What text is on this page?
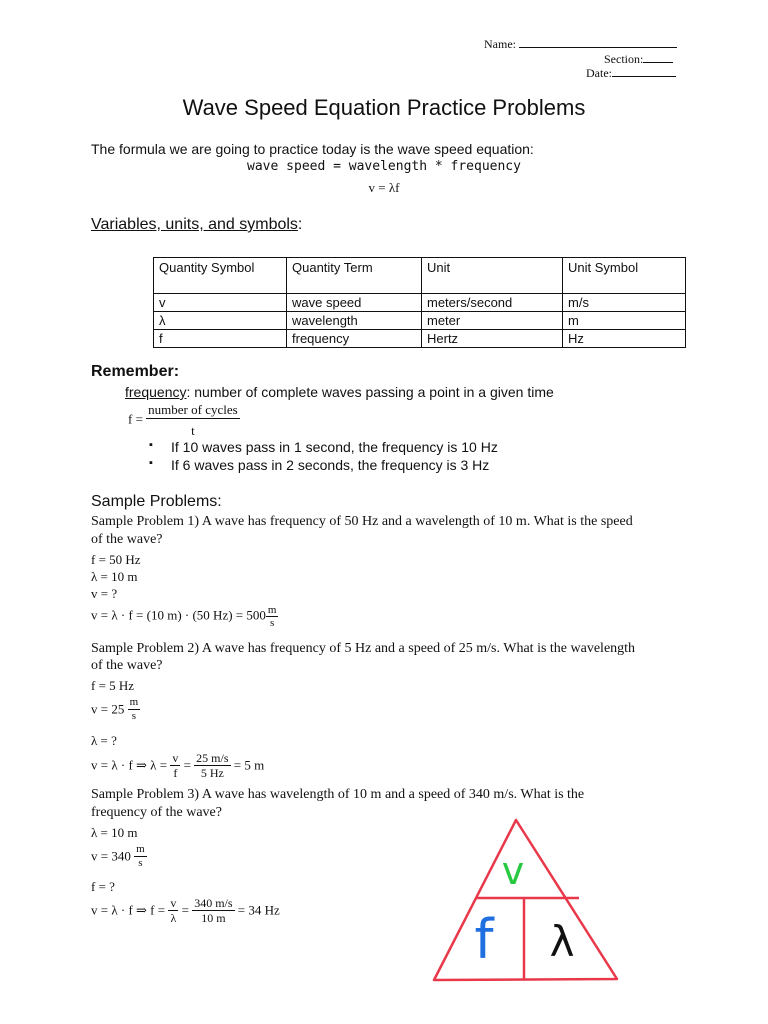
Name:
Section:
Date:
Wave Speed Equation Practice Problems
The formula we are going to practice today is the wave speed equation:
wave speed = wavelength * frequency
v = λf
Variables, units, and symbols:
Quantity Symbol	Quantity Term	Unit	Unit Symbol
v	wave speed	meters/second	m/s
λ	wavelength	meter	m
f	frequency	Hertz	Hz
Remember:
frequency: number of complete waves passing a point in a given time
$f = \frac{\text{number of cycles}}{t}$
▪ If 10 waves pass in 1 second, the frequency is 10 Hz
▪ If 6 waves pass in 2 seconds, the frequency is 3 Hz
Sample Problems:
Sample Problem 1) A wave has frequency of 50 Hz and a wavelength of 10 m. What is the speed
of the wave?
f = 50 Hz
λ = 10 m
v = ?
v = λ · f = (10 m) · (50 $Hz) = 500 \frac{m}{s}$
Sample Problem 2) A wave has frequency of 5 Hz and a speed of 25 m/s. What is the wavelength
of the wave?
f = 5 Hz
$v = 25 \frac{m}{s}$
λ = ?
v = λ · f ⇒ $\lambda = \frac{v}{f} = \frac{25 m/s}{5 Hz} = 5$ m
Sample Problem 3) A wave has wavelength of 10 m and a speed of 340 m/s. What is the
frequency of the wave?
λ = 10 m
$v = 340 \frac{m}{s}$
f = ?
v = λ · f ⇒ $f = \frac{v}{\lambda} = \frac{340 m/s}{10 m} = 34$ Hz
v
f λ
